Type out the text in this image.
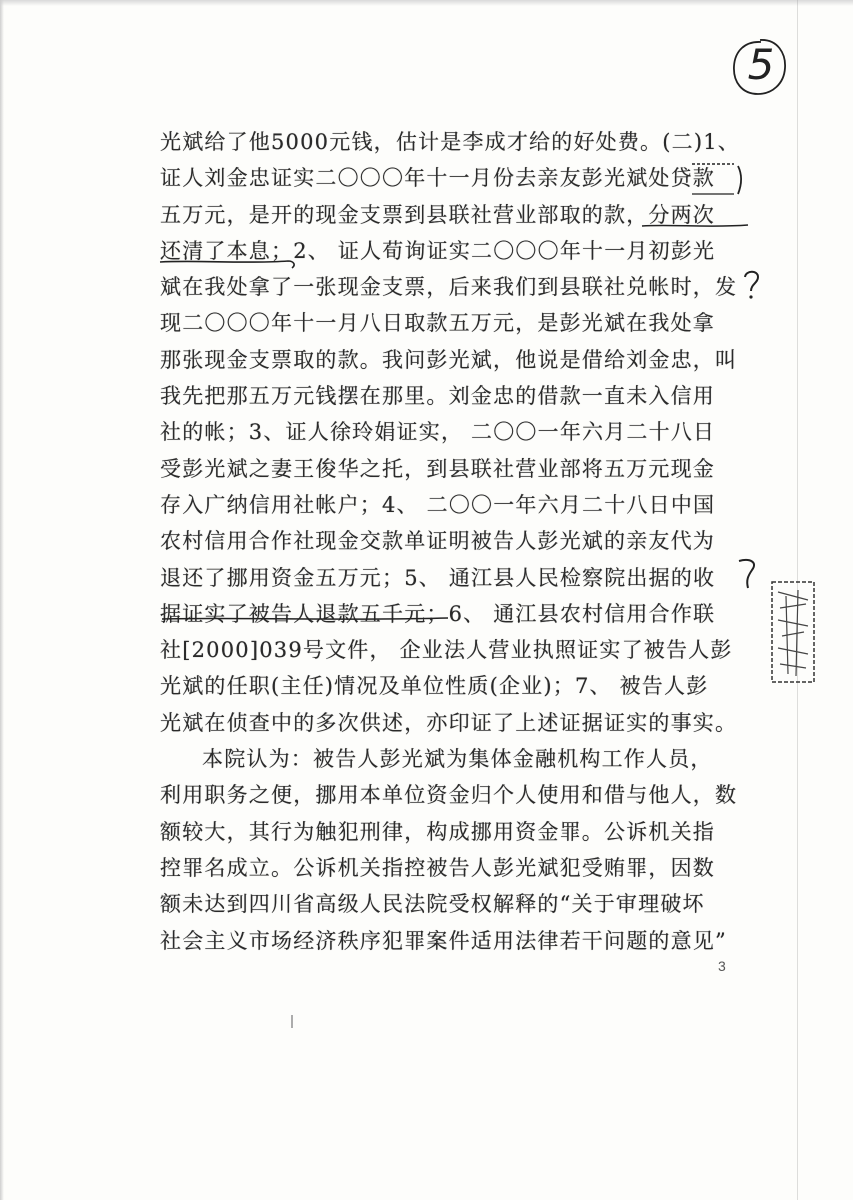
5
光斌给了他5000元钱，估计是李成才给的好处费。(二)1、
证人刘金忠证实二〇〇〇年十一月份去亲友彭光斌处贷款
五万元，是开的现金支票到县联社营业部取的款，分两次
还清了本息；2、 证人荀询证实二〇〇〇年十一月初彭光
斌在我处拿了一张现金支票，后来我们到县联社兑帐时，发
现二〇〇〇年十一月八日取款五万元，是彭光斌在我处拿
那张现金支票取的款。我问彭光斌，他说是借给刘金忠，叫
我先把那五万元钱摆在那里。刘金忠的借款一直未入信用
社的帐；3、证人徐玲娟证实， 二〇〇一年六月二十八日
受彭光斌之妻王俊华之托，到县联社营业部将五万元现金
存入广纳信用社帐户；4、 二〇〇一年六月二十八日中国
农村信用合作社现金交款单证明被告人彭光斌的亲友代为
退还了挪用资金五万元；5、 通江县人民检察院出据的收
据证实了被告人退款五千元；6、 通江县农村信用合作联
社[2000]039号文件， 企业法人营业执照证实了被告人彭
光斌的任职(主任)情况及单位性质(企业)；7、 被告人彭
光斌在侦查中的多次供述，亦印证了上述证据证实的事实。
本院认为：被告人彭光斌为集体金融机构工作人员，
利用职务之便，挪用本单位资金归个人使用和借与他人，数
额较大，其行为触犯刑律，构成挪用资金罪。公诉机关指
控罪名成立。公诉机关指控被告人彭光斌犯受贿罪，因数
额未达到四川省高级人民法院受权解释的“关于审理破坏
社会主义市场经济秩序犯罪案件适用法律若干问题的意见”
3
